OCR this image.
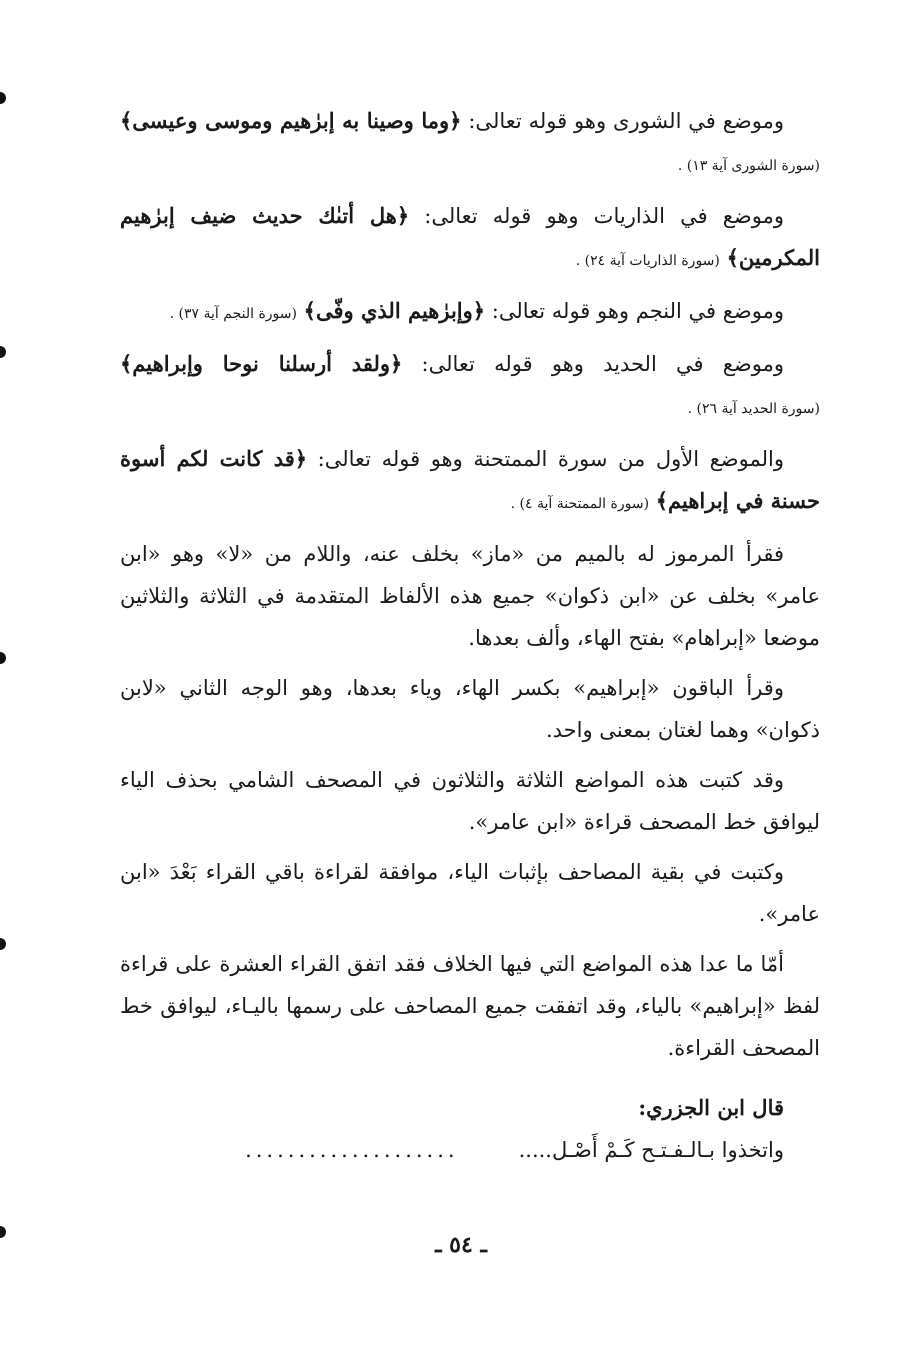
وموضع في الشورى وهو قوله تعالى: ﴿وما وصينا به إبرٰهيم وموسى وعيسى﴾ (سورة الشورى آية ١٣) .

وموضع في الذاريات وهو قوله تعالى: ﴿هل أتىٰك حديث ضيف إبرٰهيم المكرمين﴾ (سورة الذاريات آية ٢٤) .

وموضع في النجم وهو قوله تعالى: ﴿وإبرٰهيم الذي وفّى﴾ (سورة النجم آية ٣٧) .

وموضع في الحديد وهو قوله تعالى: ﴿ولقد أرسلنا نوحا وإبراهيم﴾ (سورة الحديد آية ٢٦) .

والموضع الأول من سورة الممتحنة وهو قوله تعالى: ﴿قد كانت لكم أسوة حسنة في إبراهيم﴾ (سورة الممتحنة آية ٤) .

فقرأ المرموز له بالميم من «ماز» بخلف عنه، واللام من «لا» وهو «ابن عامر» بخلف عن «ابن ذكوان» جميع هذه الألفاظ المتقدمة في الثلاثة والثلاثين موضعا «إبراهام» بفتح الهاء، وألف بعدها.

وقرأ الباقون «إبراهيم» بكسر الهاء، وياء بعدها، وهو الوجه الثاني «لابن ذكوان» وهما لغتان بمعنى واحد.

وقد كتبت هذه المواضع الثلاثة والثلاثون في المصحف الشامي بحذف الياء ليوافق خط المصحف قراءة «ابن عامر».

وكتبت في بقية المصاحف بإثبات الياء، موافقة لقراءة باقي القراء بَعْدَ «ابن عامر».

أمّا ما عدا هذه المواضع التي فيها الخلاف فقد اتفق القراء العشرة على قراءة لفظ «إبراهيم» بالياء، وقد اتفقت جميع المصاحف على رسمها باليـاء، ليوافق خط المصحف القراءة.

قال ابن الجزري:

واتخذوا بـالـفـتـح كَـمْ أَصْـل.....
....................
ـ ٥٤ ـ
